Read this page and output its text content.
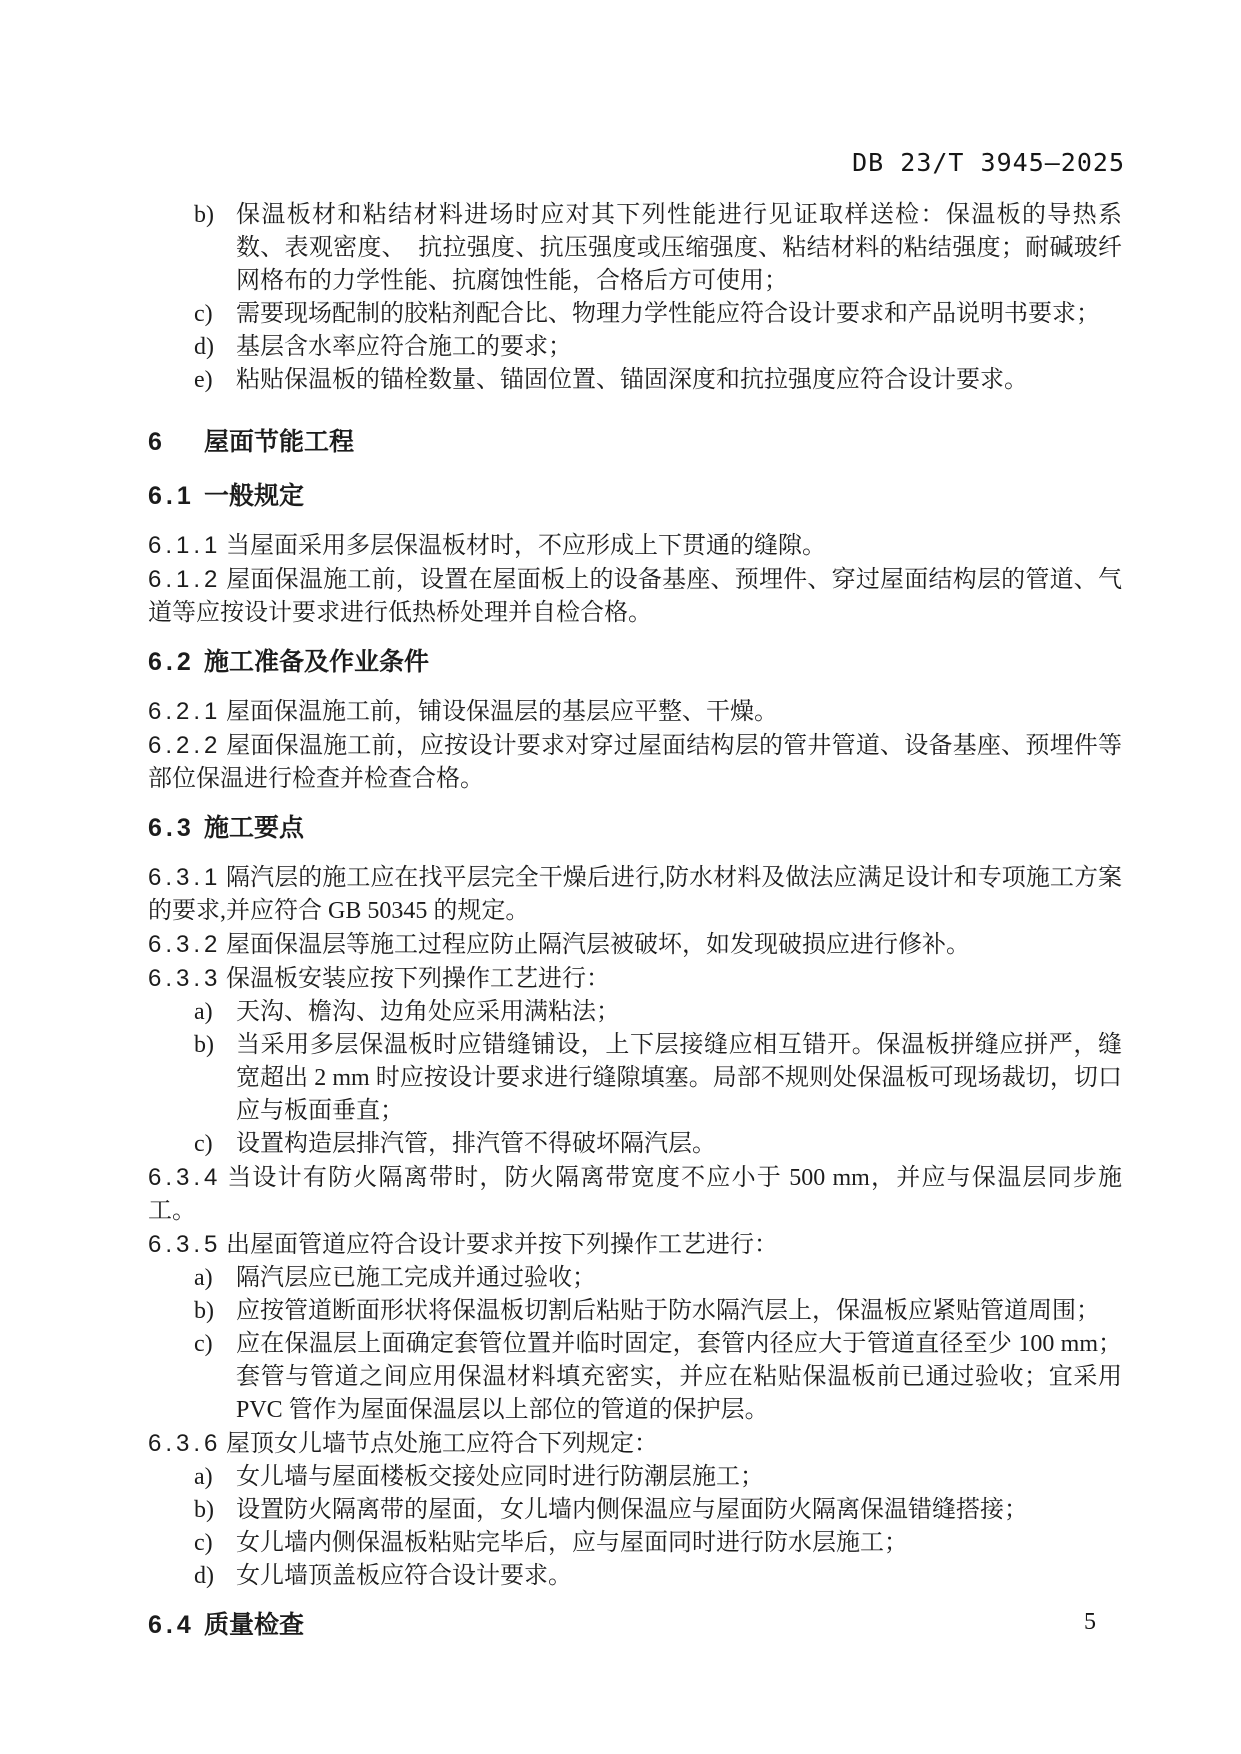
DB 23/T 3945—2025
b) 保温板材和粘结材料进场时应对其下列性能进行见证取样送检：保温板的导热系数、表观密度、　抗拉强度、抗压强度或压缩强度、粘结材料的粘结强度；耐碱玻纤网格布的力学性能、抗腐蚀性能，合格后方可使用；
c) 需要现场配制的胶粘剂配合比、物理力学性能应符合设计要求和产品说明书要求；
d) 基层含水率应符合施工的要求；
e) 粘贴保温板的锚栓数量、锚固位置、锚固深度和抗拉强度应符合设计要求。
6 屋面节能工程
6.1 一般规定

6.1.1 当屋面采用多层保温板材时，不应形成上下贯通的缝隙。

6.1.2 屋面保温施工前，设置在屋面板上的设备基座、预埋件、穿过屋面结构层的管道、气道等应按设计要求进行低热桥处理并自检合格。

6.2 施工准备及作业条件

6.2.1 屋面保温施工前，铺设保温层的基层应平整、干燥。

6.2.2 屋面保温施工前，应按设计要求对穿过屋面结构层的管井管道、设备基座、预埋件等部位保温进行检查并检查合格。

6.3 施工要点

6.3.1 隔汽层的施工应在找平层完全干燥后进行,防水材料及做法应满足设计和专项施工方案的要求,并应符合 GB 50345 的规定。

6.3.2 屋面保温层等施工过程应防止隔汽层被破坏，如发现破损应进行修补。

6.3.3 保温板安装应按下列操作工艺进行：

a) 天沟、檐沟、边角处应采用满粘法；
b) 当采用多层保温板时应错缝铺设，上下层接缝应相互错开。保温板拼缝应拼严，缝宽超出 2 mm 时应按设计要求进行缝隙填塞。局部不规则处保温板可现场裁切，切口应与板面垂直；
c) 设置构造层排汽管，排汽管不得破坏隔汽层。

6.3.4 当设计有防火隔离带时，防火隔离带宽度不应小于 500 mm，并应与保温层同步施工。

6.3.5 出屋面管道应符合设计要求并按下列操作工艺进行：

a) 隔汽层应已施工完成并通过验收；
b) 应按管道断面形状将保温板切割后粘贴于防水隔汽层上，保温板应紧贴管道周围；
c) 应在保温层上面确定套管位置并临时固定，套管内径应大于管道直径至少 100 mm；套管与管道之间应用保温材料填充密实，并应在粘贴保温板前已通过验收；宜采用 PVC 管作为屋面保温层以上部位的管道的保护层。

6.3.6 屋顶女儿墙节点处施工应符合下列规定：

a) 女儿墙与屋面楼板交接处应同时进行防潮层施工；
b) 设置防火隔离带的屋面，女儿墙内侧保温应与屋面防火隔离保温错缝搭接；
c) 女儿墙内侧保温板粘贴完毕后，应与屋面同时进行防水层施工；
d) 女儿墙顶盖板应符合设计要求。
6.4 质量检查	5
